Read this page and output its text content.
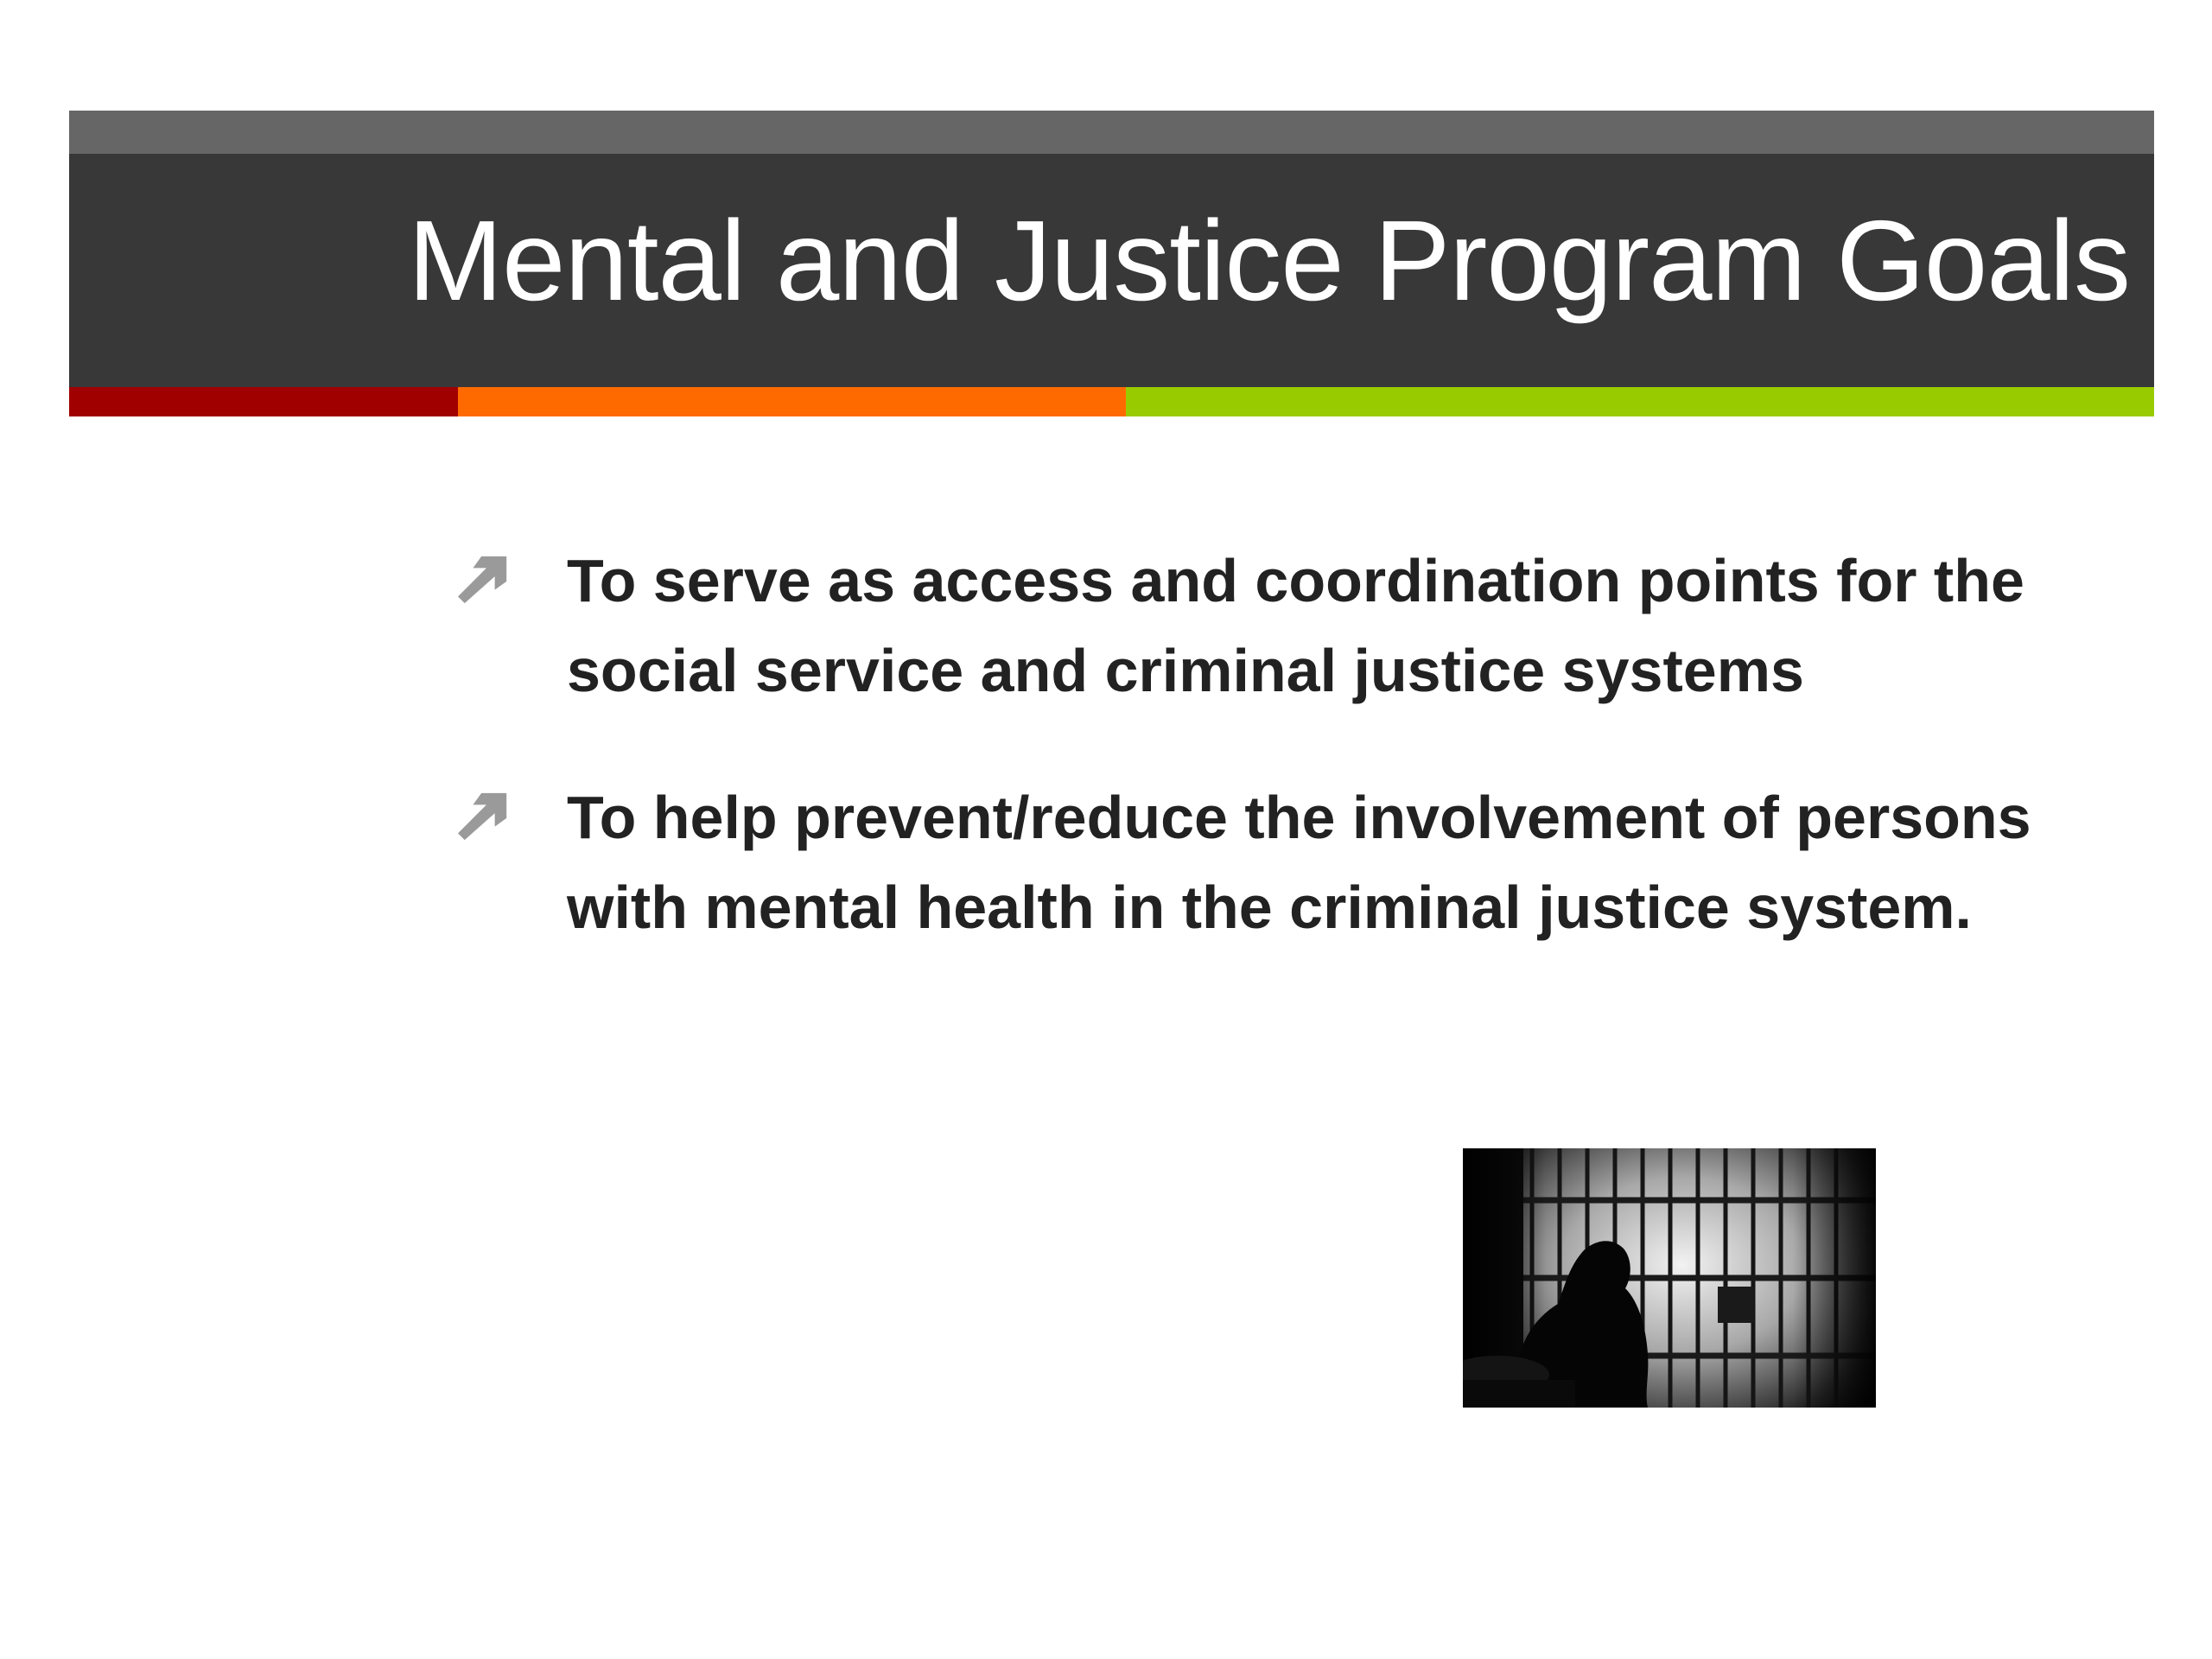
Mental and Justice Program Goals
To serve as access and coordination points for the social service and criminal justice systems
To help prevent/reduce the involvement of persons with mental health in the criminal justice system.
